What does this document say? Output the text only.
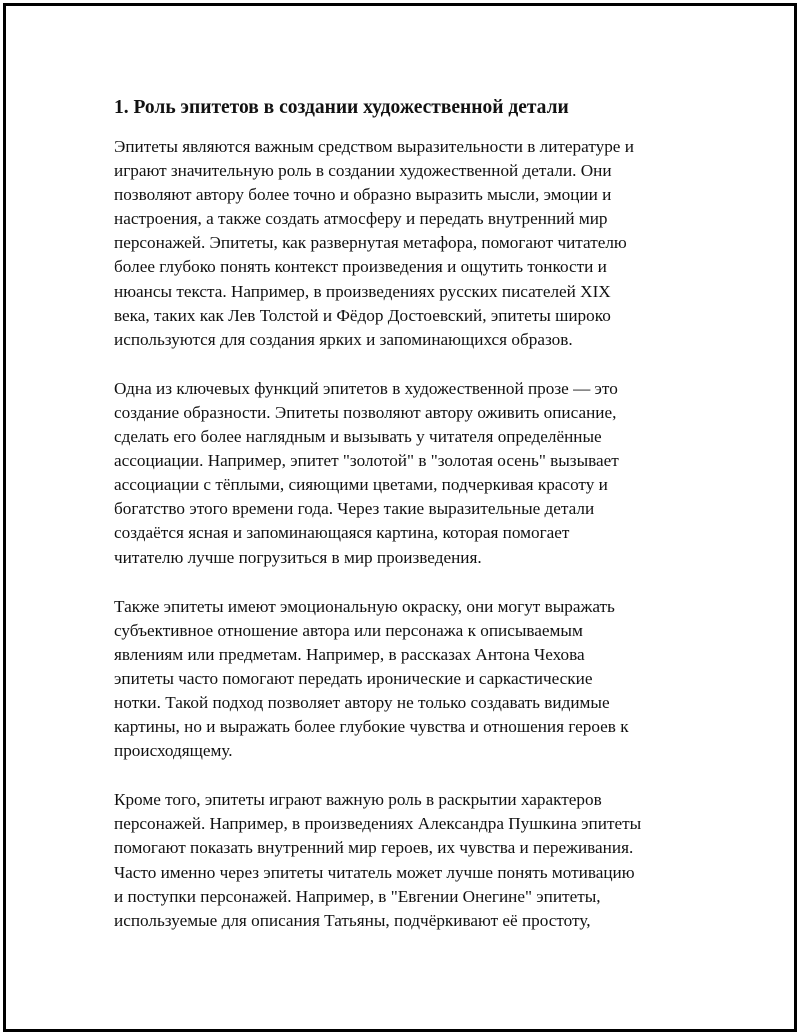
1. Роль эпитетов в создании художественной детали
Эпитеты являются важным средством выразительности в литературе и
играют значительную роль в создании художественной детали. Они
позволяют автору более точно и образно выразить мысли, эмоции и
настроения, а также создать атмосферу и передать внутренний мир
персонажей. Эпитеты, как развернутая метафора, помогают читателю
более глубоко понять контекст произведения и ощутить тонкости и
нюансы текста. Например, в произведениях русских писателей XIX
века, таких как Лев Толстой и Фёдор Достоевский, эпитеты широко
используются для создания ярких и запоминающихся образов.
Одна из ключевых функций эпитетов в художественной прозе — это
создание образности. Эпитеты позволяют автору оживить описание,
сделать его более наглядным и вызывать у читателя определённые
ассоциации. Например, эпитет "золотой" в "золотая осень" вызывает
ассоциации с тёплыми, сияющими цветами, подчеркивая красоту и
богатство этого времени года. Через такие выразительные детали
создаётся ясная и запоминающаяся картина, которая помогает
читателю лучше погрузиться в мир произведения.
Также эпитеты имеют эмоциональную окраску, они могут выражать
субъективное отношение автора или персонажа к описываемым
явлениям или предметам. Например, в рассказах Антона Чехова
эпитеты часто помогают передать иронические и саркастические
нотки. Такой подход позволяет автору не только создавать видимые
картины, но и выражать более глубокие чувства и отношения героев к
происходящему.
Кроме того, эпитеты играют важную роль в раскрытии характеров
персонажей. Например, в произведениях Александра Пушкина эпитеты
помогают показать внутренний мир героев, их чувства и переживания.
Часто именно через эпитеты читатель может лучше понять мотивацию
и поступки персонажей. Например, в "Евгении Онегине" эпитеты,
используемые для описания Татьяны, подчёркивают её простоту,
